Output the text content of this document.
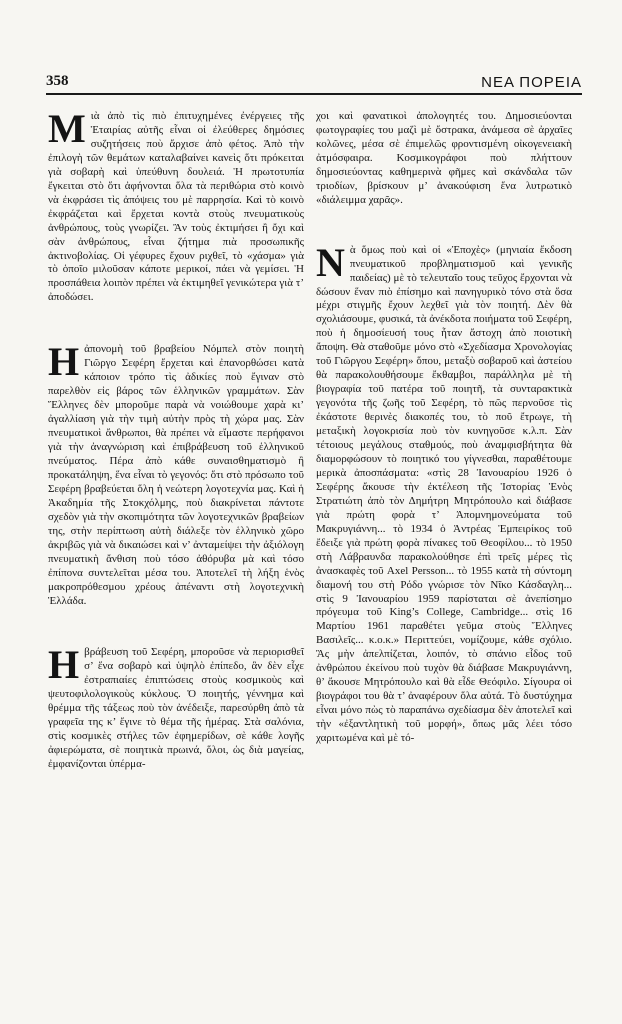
358	ΝΕΑ ΠΟΡΕΙΑ

Mιὰ ἀπὸ τὶς πιὸ ἐπιτυχημένες ἐνέργειες τῆς Ἑταιρίας αὐτῆς εἶναι οἱ ἐλεύθερες δημόσιες συζητήσεις ποὺ ἄρχισε ἀπὸ φέτος. Ἀπὸ τὴν ἐπιλογὴ τῶν θεμάτων καταλαβαίνει κανεὶς ὅτι πρόκειται γιὰ σοβαρὴ καὶ ὑπεύθυνη δουλειά. Ἡ πρωτοτυπία ἔγκειται στὸ ὅτι ἀφήνονται ὅλα τὰ περιθώρια στὸ κοινὸ νὰ ἐκφράσει τὶς ἀπόψεις του μὲ παρρησία. Καὶ τὸ κοινὸ ἐκφράζεται καὶ ἔρχεται κοντὰ στοὺς πνευματικοὺς ἀνθρώπους, τοὺς γνωρίζει. Ἂν τοὺς ἐκτιμήσει ἢ ὄχι καὶ σὰν ἀνθρώπους, εἶναι ζήτημα πιὰ προσωπικῆς ἀκτινοβολίας. Οἱ γέφυρες ἔχουν ριχθεῖ, τὸ «χάσμα» γιὰ τὸ ὁποῖο μιλοῦσαν κάποτε μερικοί, πάει νὰ γεμίσει. Ἡ προσπάθεια λοιπὸν πρέπει νὰ ἐκτιμηθεῖ γενικώτερα γιὰ τ’ ἀποδώσει.

Hἀπονομὴ τοῦ βραβείου Νόμπελ στὸν ποιητὴ Γιῶργο Σεφέρη ἔρχεται καὶ ἐπανορθώσει κατὰ κάποιον τρόπο τὶς ἀδικίες ποὺ ἔγιναν στὸ παρελθὸν εἰς βάρος τῶν ἑλληνικῶν γραμμάτων. Σὰν Ἕλληνες δὲν μποροῦμε παρὰ νὰ νοιώθουμε χαρὰ κι’ ἀγαλλίαση γιὰ τὴν τιμὴ αὐτὴν πρὸς τὴ χώρα μας. Σὰν πνευματικοὶ ἄνθρωποι, θὰ πρέπει νὰ εἴμαστε περήφανοι γιὰ τὴν ἀναγνώριση καὶ ἐπιβράβευση τοῦ ἑλληνικοῦ πνεύματος. Πέρα ἀπὸ κάθε συναισθηματισμὸ ἢ προκατάληψη, ἕνα εἶναι τὸ γεγονός: ὅτι στὸ πρόσωπο τοῦ Σεφέρη βραβεύεται ὅλη ἡ νεώτερη λογοτεχνία μας. Καὶ ἡ Ἀκαδημία τῆς Στοκχόλμης, ποὺ διακρίνεται πάντοτε σχεδὸν γιὰ τὴν σκοπιμότητα τῶν λογοτεχνικῶν βραβείων της, στὴν περίπτωση αὐτὴ διάλεξε τὸν ἑλληνικὸ χῶρο ἀκριβῶς γιὰ νὰ δικαιώσει καὶ ν’ ἀνταμείψει τὴν ἀξιόλογη πνευματικὴ ἄνθιση ποὺ τόσο ἀθόρυβα μὰ καὶ τόσο ἐπίπονα συντελεῖται μέσα του. Ἀποτελεῖ τὴ λήξη ἑνὸς μακροπρόθεσμου χρέους ἀπέναντι στὴ λογοτεχνικὴ Ἑλλάδα.

Hβράβευση τοῦ Σεφέρη, μποροῦσε νὰ περιορισθεῖ σ’ ἕνα σοβαρὸ καὶ ὑψηλὸ ἐπίπεδο, ἂν δὲν εἶχε ἐστραπιαίες ἐπιπτώσεις στοὺς κοσμικοὺς καὶ ψευτοφιλολογικοὺς κύκλους. Ὁ ποιητής, γέννημα καὶ θρέμμα τῆς τάξεως ποὺ τὸν ἀνέδειξε, παρεσύρθη ἀπὸ τὰ γραφεῖα της κ’ ἔγινε τὸ θέμα τῆς ἡμέρας. Στὰ σαλόνια, στὶς κοσμικὲς στήλες τῶν ἐφημερίδων, σὲ κάθε λογῆς ἀφιερώματα, σὲ ποιητικὰ πρωινά, ὅλοι, ὡς διὰ μαγείας, ἐμφανίζονται ὑπέρμα-

χοι καὶ φανατικοὶ ἀπολογητές του. Δημοσιεύονται φωτογραφίες του μαζὶ μὲ ὄστρακα, ἀνάμεσα σὲ ἀρχαῖες κολῶνες, μέσα σὲ ἐπιμελῶς φροντισμένη οἰκογενειακὴ ἀτμόσφαιρα. Κοσμικογράφοι ποὺ πλήττουν δημοσιεύοντας καθημερινὰ φῆμες καὶ σκάνδαλα τῶν τριοδίων, βρίσκουν μ’ ἀνακούφιση ἕνα λυτρωτικὸ «διάλειμμα χαρᾶς».

Nὰ ὅμως ποὺ καὶ οἱ «Ἐποχὲς» (μηνιαία ἔκδοση πνευματικοῦ προβληματισμοῦ καὶ γενικῆς παιδείας) μὲ τὸ τελευταῖο τους τεῦχος ἔρχονται νὰ δώσουν ἕναν πιὸ ἐπίσημο καὶ πανηγυρικὸ τόνο στὰ ὅσα μέχρι στιγμῆς ἔχουν λεχθεῖ γιὰ τὸν ποιητή. Δὲν θὰ σχολιάσουμε, φυσικά, τὰ ἀνέκδοτα ποιήματα τοῦ Σεφέρη, ποὺ ἡ δημοσίευσή τους ἦταν ἄστοχη ἀπὸ ποιοτικὴ ἄποψη. Θὰ σταθοῦμε μόνο στὸ «Σχεδίασμα Χρονολογίας τοῦ Γιῶργου Σεφέρη» ὅπου, μεταξὺ σοβαροῦ καὶ ἀστείου θὰ παρακολουθήσουμε ἔκθαμβοι, παράλληλα μὲ τὴ βιογραφία τοῦ πατέρα τοῦ ποιητῆ, τὰ συνταρακτικὰ γεγονότα τῆς ζωῆς τοῦ Σεφέρη, τὸ πῶς περνοῦσε τὶς ἐκάστοτε θερινὲς διακοπές του, τὸ ποῦ ἔτρωγε, τὴ μεταξικὴ λογοκρισία ποὺ τὸν κυνηγοῦσε κ.λ.π. Σὰν τέτοιους μεγάλους σταθμούς, ποὺ ἀναμφισβήτητα θὰ διαμορφώσουν τὸ ποιητικό του γίγνεσθαι, παραθέτουμε μερικὰ ἀποσπάσματα: «στὶς 28 Ἰανουαρίου 1926 ὁ Σεφέρης ἄκουσε τὴν ἐκτέλεση τῆς Ἱστορίας Ἑνὸς Στρατιώτη ἀπὸ τὸν Δημήτρη Μητρόπουλο καὶ διάβασε γιὰ πρώτη φορὰ τ’ Ἀπομνημονεύματα τοῦ Μακρυγιάννη... τὸ 1934 ὁ Ἀντρέας Ἐμπειρίκος τοῦ ἔδειξε γιὰ πρώτη φορὰ πίνακες τοῦ Θεοφίλου... τὸ 1950 στὴ Λάβραυνδα παρακολούθησε ἐπὶ τρεῖς μέρες τὶς ἀνασκαφὲς τοῦ Axel Persson... τὸ 1955 κατὰ τὴ σύντομη διαμονή του στὴ Ρόδο γνώρισε τὸν Νῖκο Κάσδαγλη... στὶς 9 Ἰανουαρίου 1959 παρίσταται σὲ ἀνεπίσημο πρόγευμα τοῦ King’s College, Cambridge... στὶς 16 Μαρτίου 1961 παραθέτει γεῦμα στοὺς Ἕλληνες Βασιλεῖς... κ.ο.κ.» Περιττεύει, νομίζουμε, κάθε σχόλιο. Ἂς μὴν ἀπελπίζεται, λοιπόν, τὸ σπάνιο εἶδος τοῦ ἀνθρώπου ἐκείνου ποὺ τυχὸν θὰ διάβασε Μακρυγιάννη, θ’ ἄκουσε Μητρόπουλο καὶ θὰ εἶδε Θεόφιλο. Σίγουρα οἱ βιογράφοι του θὰ τ’ ἀναφέρουν ὅλα αὐτά. Τὸ δυστύχημα εἶναι μόνο πὼς τὸ παραπάνω σχεδίασμα δὲν ἀποτελεῖ καὶ τὴν «ἐξαντλητικὴ τοῦ μορφή», ὅπως μᾶς λέει τόσο χαριτωμένα καὶ μὲ τό-
